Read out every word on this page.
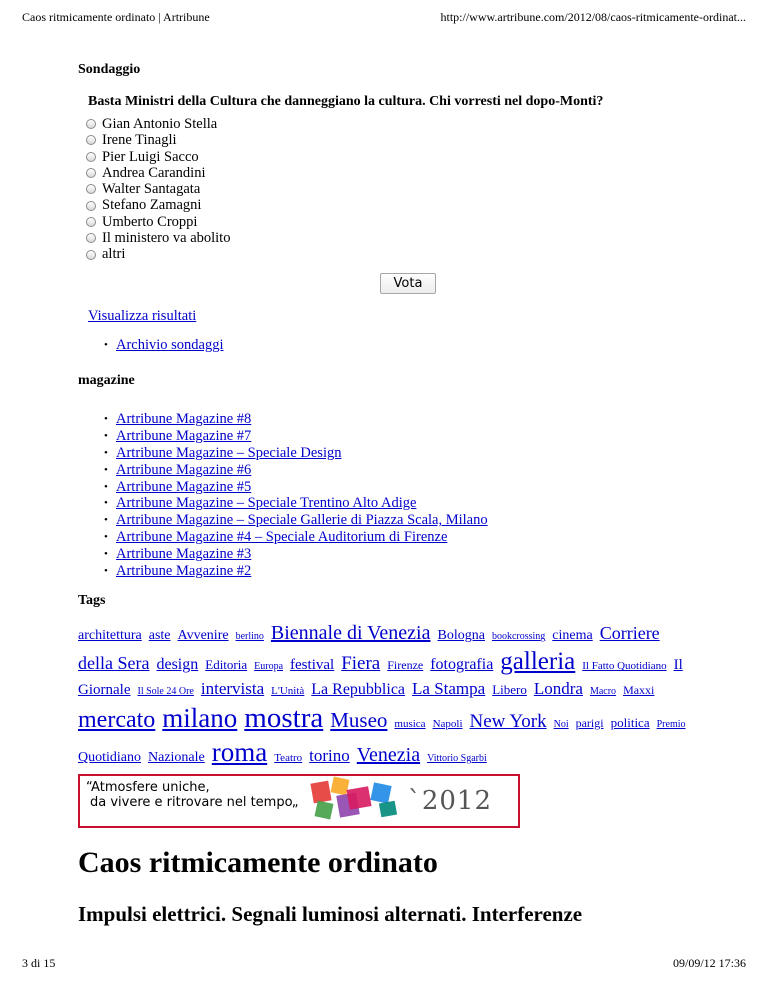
Caos ritmicamente ordinato | Artribune	http://www.artribune.com/2012/08/caos-ritmicamente-ordinat...
Sondaggio
Basta Ministri della Cultura che danneggiano la cultura. Chi vorresti nel dopo-Monti?
Gian Antonio Stella
Irene Tinagli
Pier Luigi Sacco
Andrea Carandini
Walter Santagata
Stefano Zamagni
Umberto Croppi
Il ministero va abolito
altri
Vota
Visualizza risultati
• Archivio sondaggi
magazine
• Artribune Magazine #8
• Artribune Magazine #7
• Artribune Magazine – Speciale Design
• Artribune Magazine #6
• Artribune Magazine #5
• Artribune Magazine – Speciale Trentino Alto Adige
• Artribune Magazine – Speciale Gallerie di Piazza Scala, Milano
• Artribune Magazine #4 – Speciale Auditorium di Firenze
• Artribune Magazine #3
• Artribune Magazine #2
Tags
architettura aste Avvenire berlino Biennale di Venezia Bologna bookcrossing cinema Corriere della Sera design Editoria Europa festival Fiera Firenze fotografia galleria Il Fatto Quotidiano Il Giornale Il Sole 24 Ore intervista L'Unità La Repubblica La Stampa Libero Londra Macro Maxxi mercato milano mostra Museo musica Napoli New York Noi parigi politica Premio Quotidiano Nazionale roma Teatro torino Venezia Vittorio Sgarbi
“Atmosfere uniche,
da vivere e ritrovare nel tempo„	`2012
Caos ritmicamente ordinato
Impulsi elettrici. Segnali luminosi alternati. Interferenze
3 di 15	09/09/12 17:36
